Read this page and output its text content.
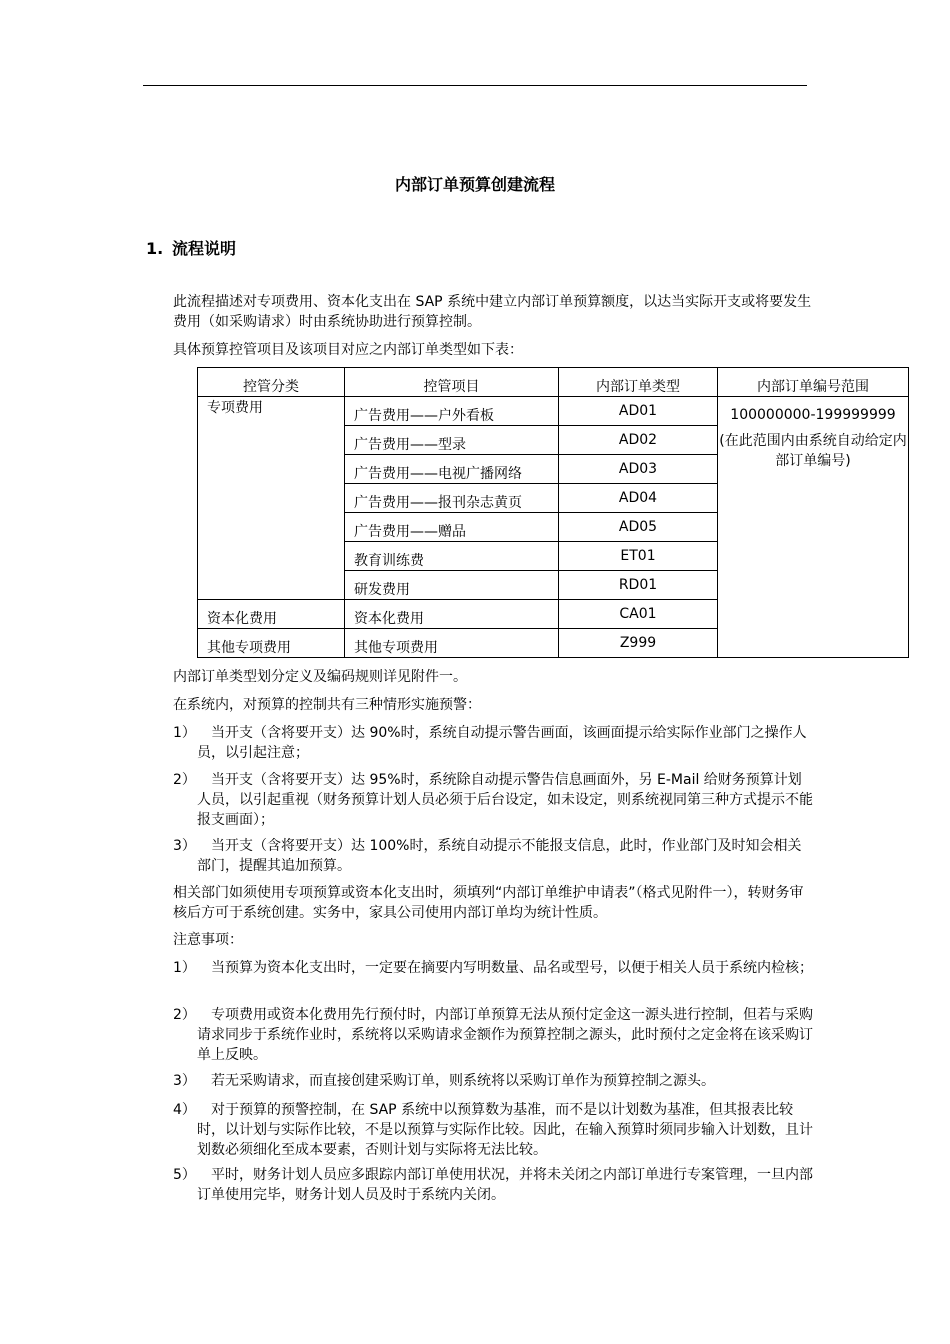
内部订单预算创建流程
1. 流程说明
此流程描述对专项费用、资本化支出在 SAP 系统中建立内部订单预算额度，以达当实际开支或将要发生费用（如采购请求）时由系统协助进行预算控制。
具体预算控管项目及该项目对应之内部订单类型如下表：
控管分类	控管项目	内部订单类型	内部订单编号范围
专项费用	广告费用——户外看板	AD01	100000000-199999999
(在此范围内由系统自动给定内部订单编号)

	广告费用——型录	AD02	
	广告费用——电视广播网络	AD03	
	广告费用——报刊杂志黄页	AD04	
	广告费用——赠品	AD05	
	教育训练费	ET01	
	研发费用	RD01	
资本化费用	资本化费用	CA01	
其他专项费用	其他专项费用	Z999	
内部订单类型划分定义及编码规则详见附件一。
在系统内，对预算的控制共有三种情形实施预警：
1）	当开支（含将要开支）达 90%时，系统自动提示警告画面，该画面提示给实际作业部门之操作人员，以引起注意；
2）	当开支（含将要开支）达 95%时，系统除自动提示警告信息画面外，另 E-Mail 给财务预算计划人员，以引起重视（财务预算计划人员必须于后台设定，如未设定，则系统视同第三种方式提示不能报支画面）；
3）	当开支（含将要开支）达 100%时，系统自动提示不能报支信息，此时，作业部门及时知会相关部门，提醒其追加预算。
相关部门如须使用专项预算或资本化支出时，须填列“内部订单维护申请表”（格式见附件一），转财务审核后方可于系统创建。实务中，家具公司使用内部订单均为统计性质。
注意事项：
1）	当预算为资本化支出时，一定要在摘要内写明数量、品名或型号，以便于相关人员于系统内检核；
2）	专项费用或资本化费用先行预付时，内部订单预算无法从预付定金这一源头进行控制，但若与采购请求同步于系统作业时，系统将以采购请求金额作为预算控制之源头，此时预付之定金将在该采购订单上反映。
3）	若无采购请求，而直接创建采购订单，则系统将以采购订单作为预算控制之源头。
4）	对于预算的预警控制，在 SAP 系统中以预算数为基准，而不是以计划数为基准，但其报表比较时，以计划与实际作比较，不是以预算与实际作比较。因此，在输入预算时须同步输入计划数，且计划数必须细化至成本要素，否则计划与实际将无法比较。
5）	平时，财务计划人员应多跟踪内部订单使用状况，并将未关闭之内部订单进行专案管理，一旦内部订单使用完毕，财务计划人员及时于系统内关闭。
